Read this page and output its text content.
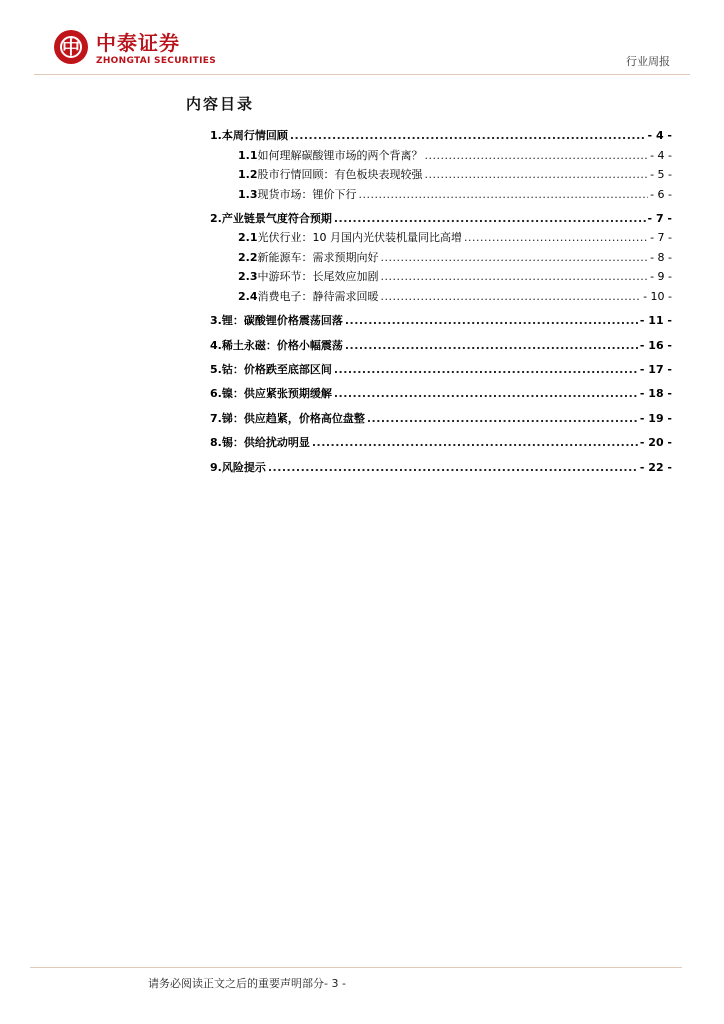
中 中泰证券
ZHONGTAI SECURITIES	行业周报
内容目录
1. 本周行情回顾 .....	- 4 -
1.1 如何理解碳酸锂市场的两个背离？ .....	- 4 -
1.2 股市行情回顾：有色板块表现较强 .....	- 5 -
1.3 现货市场：锂价下行 .....	- 6 -
2. 产业链景气度符合预期 .....	- 7 -
2.1 光伏行业：10 月国内光伏装机量同比高增 .....	- 7 -
2.2 新能源车：需求预期向好 .....	- 8 -
2.3 中游环节：长尾效应加剧 .....	- 9 -
2.4 消费电子：静待需求回暖 .....	- 10 -
3. 锂：碳酸锂价格震荡回落 .....	- 11 -
4. 稀土永磁：价格小幅震荡 .....	- 16 -
5. 钴：价格跌至底部区间 .....	- 17 -
6. 镍：供应紧张预期缓解 .....	- 18 -
7. 锑：供应趋紧，价格高位盘整 .....	- 19 -
8. 锡：供给扰动明显 .....	- 20 -
9. 风险提示 .....	- 22 -
请务必阅读正文之后的重要声明部分- 3 -
